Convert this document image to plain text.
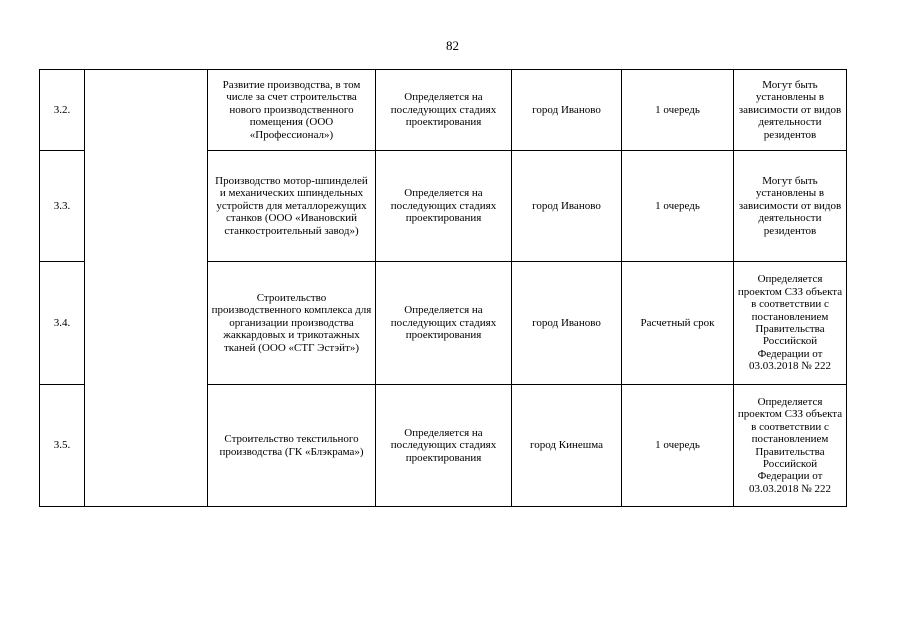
82
3.2.		Развитие производства, в том числе за счет строительства нового производственного помещения (ООО «Профессионал»)	Определяется на последующих стадиях проектирования	город Иваново	1 очередь	Могут быть установлены в зависимости от видов деятельности резидентов
3.3.		Производство мотор-шпинделей и механических шпиндельных устройств для металлорежущих станков (ООО «Ивановский станкостроительный завод»)	Определяется на последующих стадиях проектирования	город Иваново	1 очередь	Могут быть установлены в зависимости от видов деятельности резидентов
3.4.		Строительство производственного комплекса для организации производства жаккардовых и трикотажных тканей (ООО «СТГ Эстэйт»)	Определяется на последующих стадиях проектирования	город Иваново	Расчетный срок	Определяется проектом СЗЗ объекта в соответствии с постановлением Правительства Российской Федерации от 03.03.2018 № 222
3.5.		Строительство текстильного производства (ГК «Блэкрама»)	Определяется на последующих стадиях проектирования	город Кинешма	1 очередь	Определяется проектом СЗЗ объекта в соответствии с постановлением Правительства Российской Федерации от 03.03.2018 № 222
